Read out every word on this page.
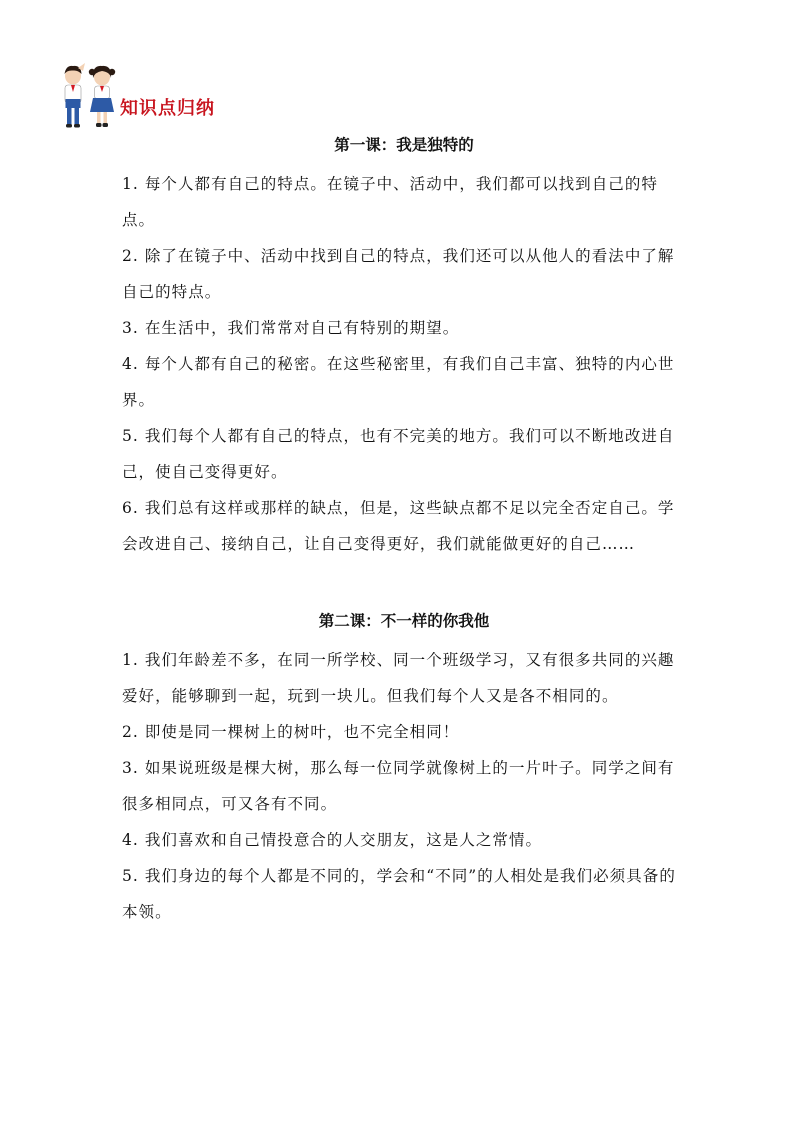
知识点归纳

第一课：我是独特的

1. 每个人都有自己的特点。在镜子中、活动中，我们都可以找到自己的特点。

2. 除了在镜子中、活动中找到自己的特点，我们还可以从他人的看法中了解自己的特点。

3. 在生活中，我们常常对自己有特别的期望。

4. 每个人都有自己的秘密。在这些秘密里，有我们自己丰富、独特的内心世界。

5. 我们每个人都有自己的特点，也有不完美的地方。我们可以不断地改进自己，使自己变得更好。

6. 我们总有这样或那样的缺点，但是，这些缺点都不足以完全否定自己。学会改进自己、接纳自己，让自己变得更好，我们就能做更好的自己……

第二课：不一样的你我他

1. 我们年龄差不多，在同一所学校、同一个班级学习，又有很多共同的兴趣爱好，能够聊到一起，玩到一块儿。但我们每个人又是各不相同的。

2. 即使是同一棵树上的树叶，也不完全相同！

3. 如果说班级是棵大树，那么每一位同学就像树上的一片叶子。同学之间有很多相同点，可又各有不同。

4. 我们喜欢和自己情投意合的人交朋友，这是人之常情。

5. 我们身边的每个人都是不同的，学会和“不同”的人相处是我们必须具备的本领。
